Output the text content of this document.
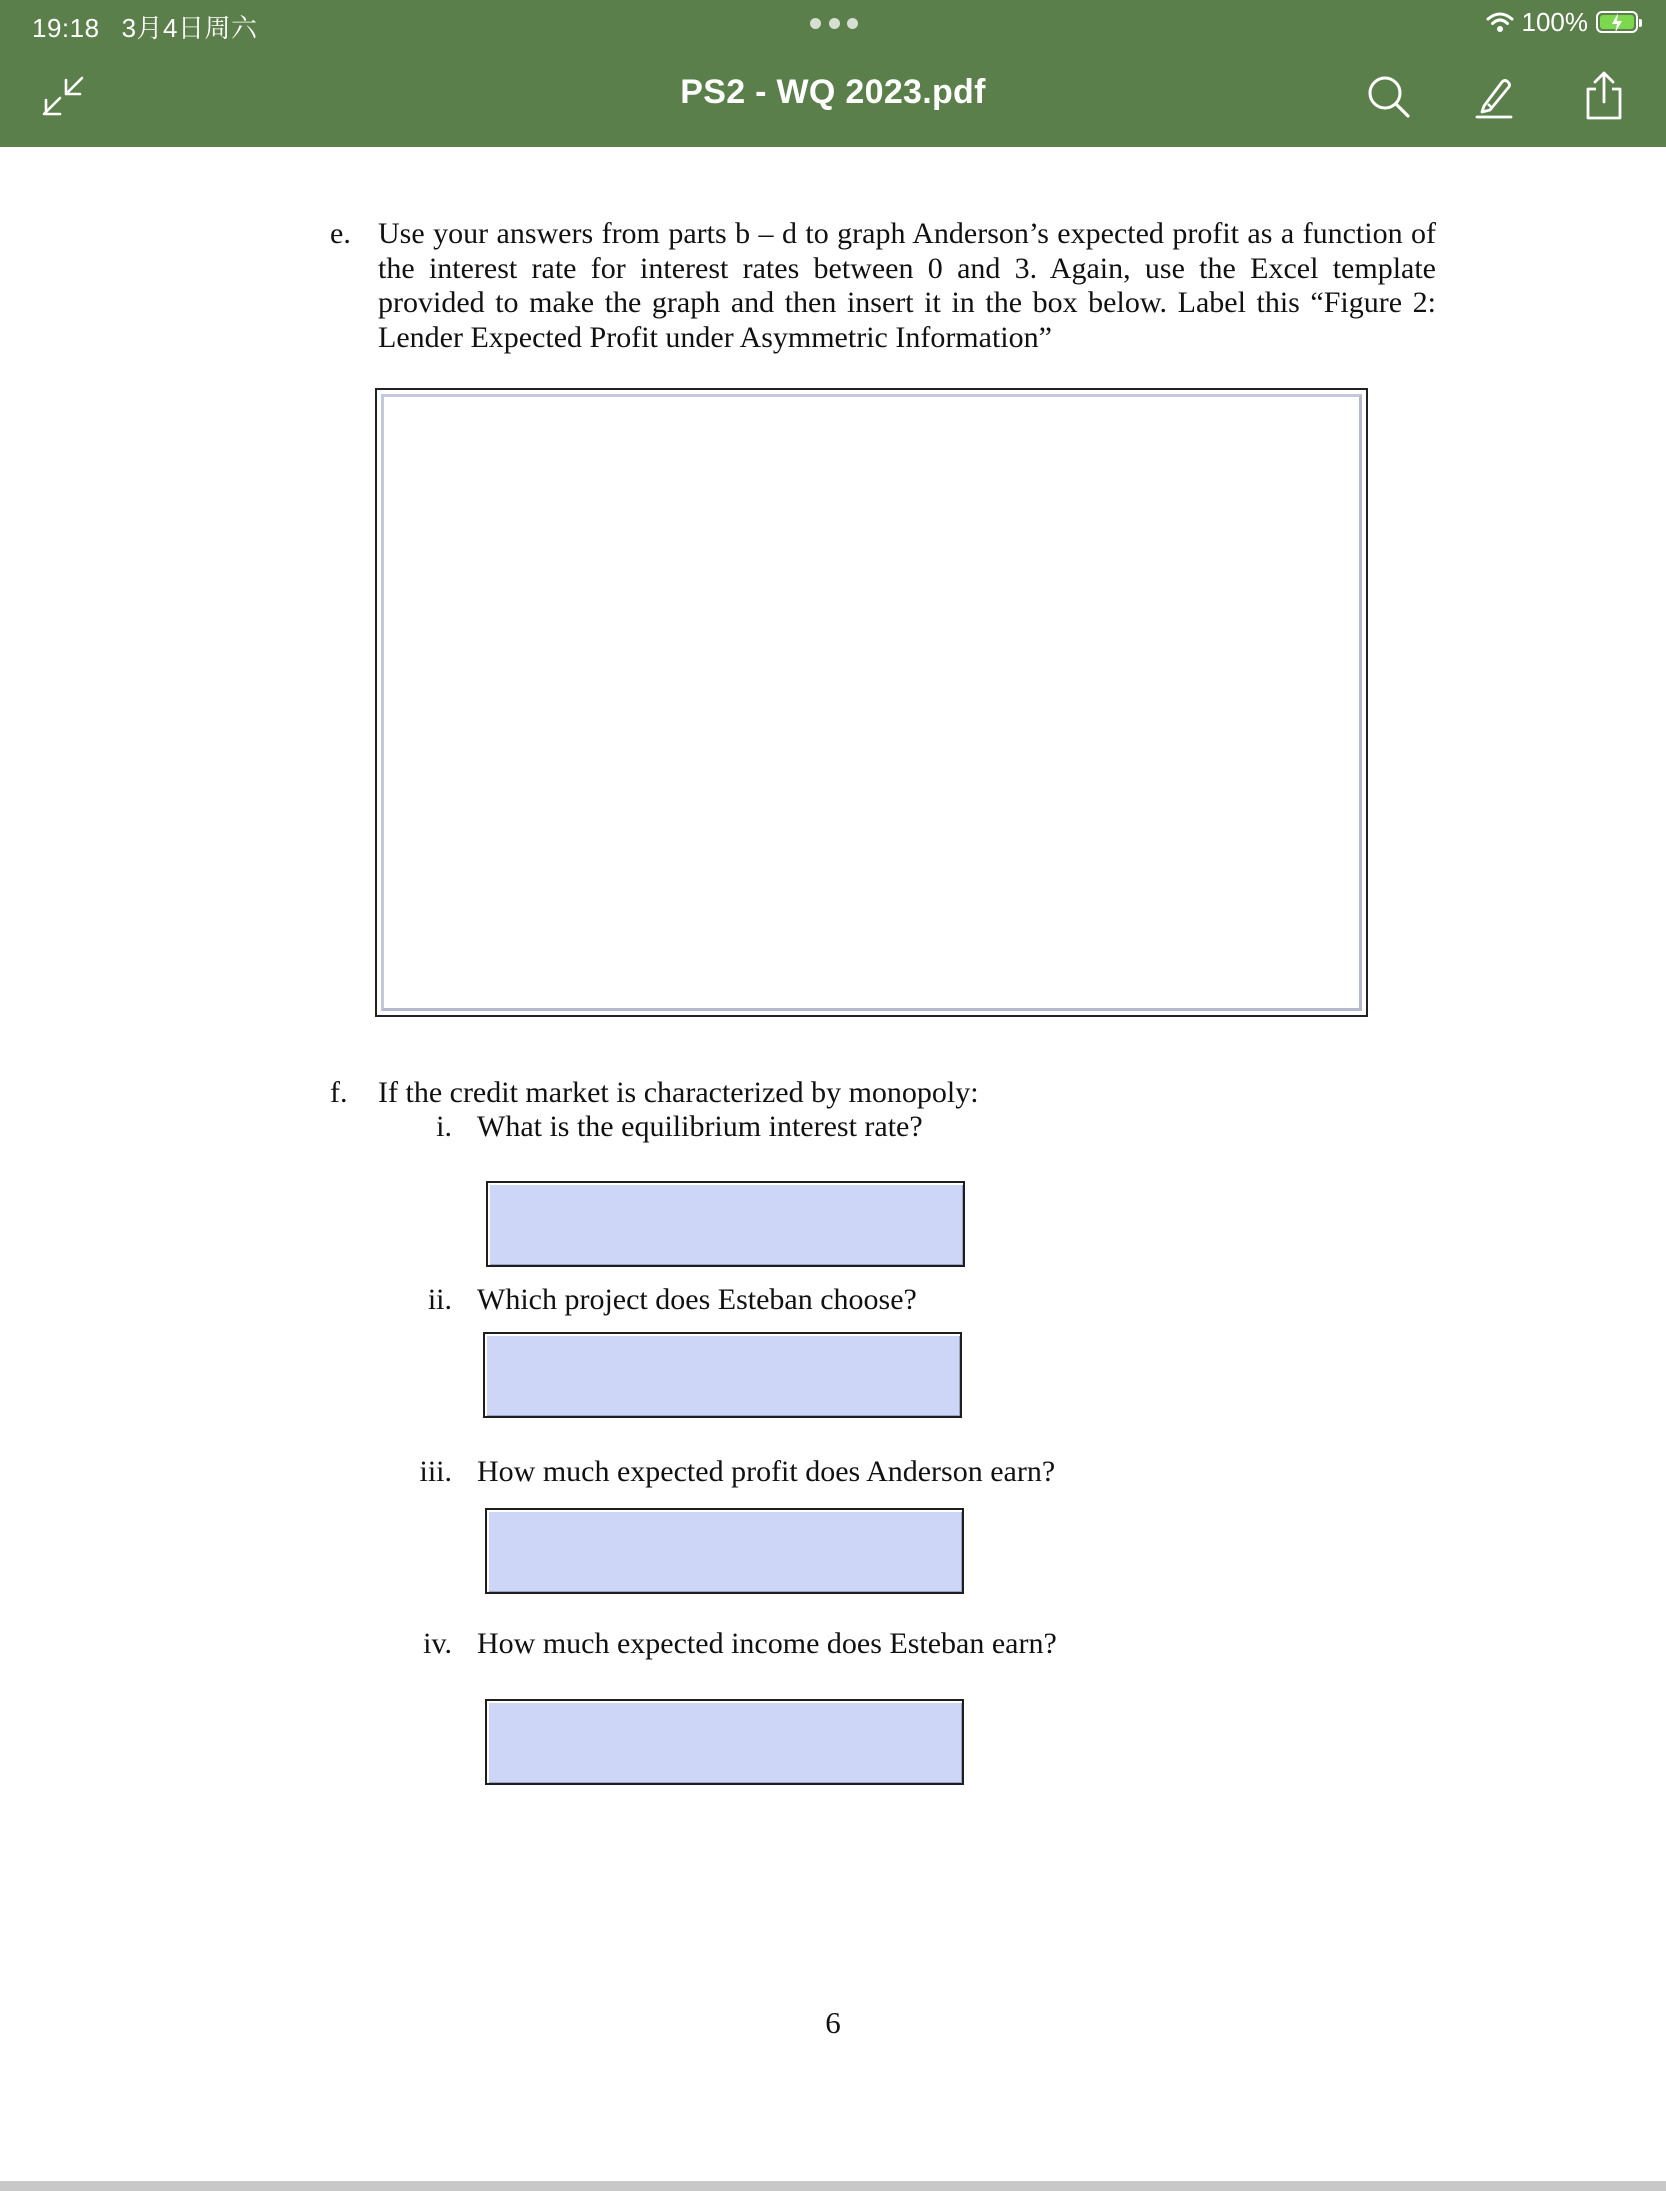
19:18 3月4日周六	100%
PS2 - WQ 2023.pdf
e. Use your answers from parts b – d to graph Anderson’s expected profit as a function of the interest rate for interest rates between 0 and 3. Again, use the Excel template provided to make the graph and then insert it in the box below. Label this “Figure 2: Lender Expected Profit under Asymmetric Information”

f. If the credit market is characterized by monopoly:
i. What is the equilibrium interest rate?
ii. Which project does Esteban choose?
iii. How much expected profit does Anderson earn?
iv. How much expected income does Esteban earn?
6
